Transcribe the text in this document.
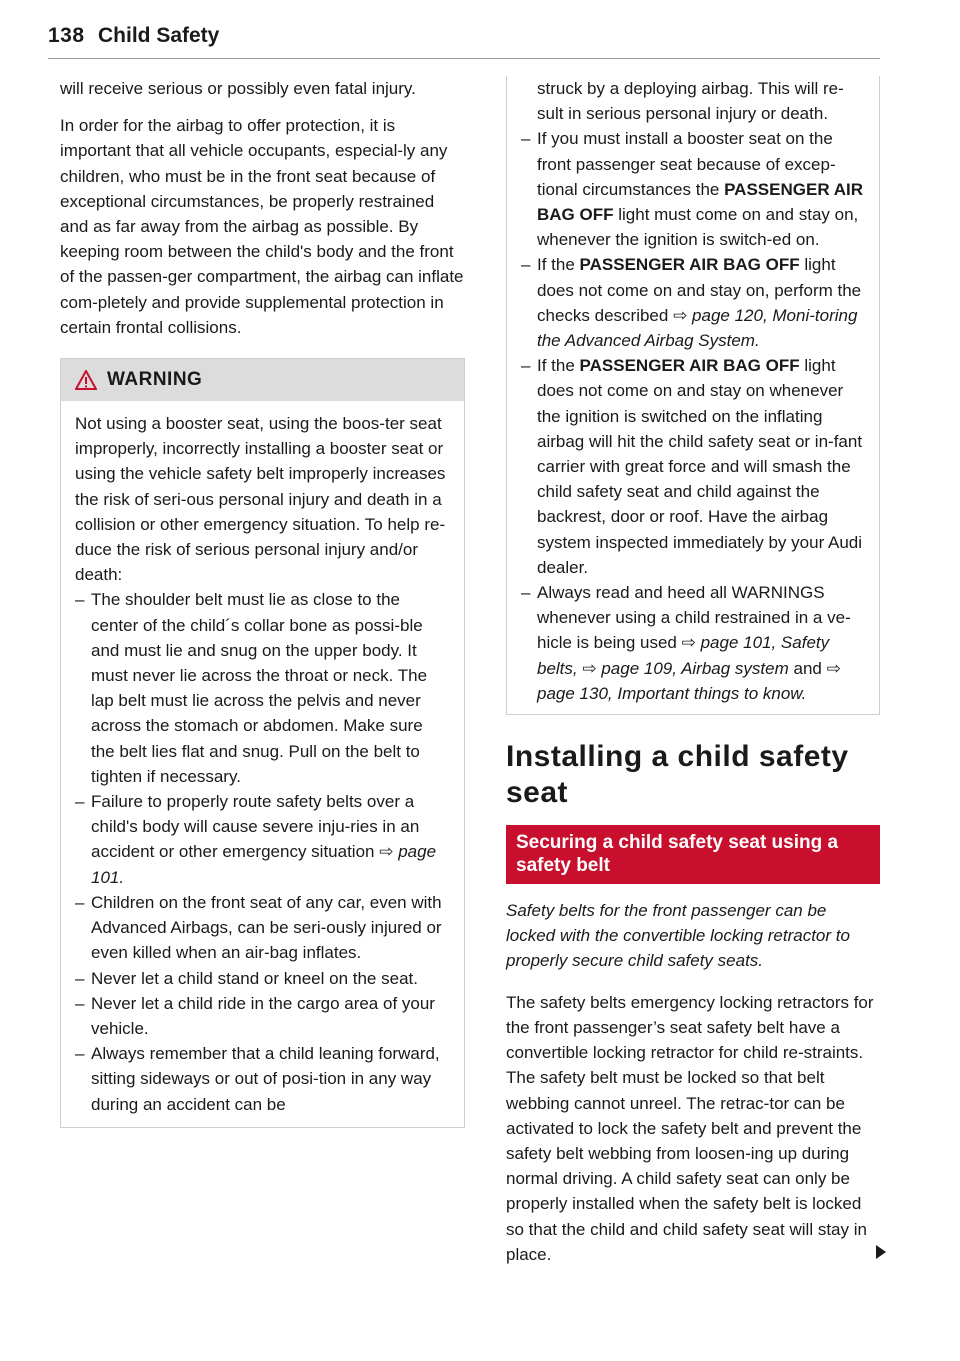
138 Child Safety

will receive serious or possibly even fatal injury.

In order for the airbag to offer protection, it is important that all vehicle occupants, especial-ly any children, who must be in the front seat because of exceptional circumstances, be properly restrained and as far away from the airbag as possible. By keeping room between the child's body and the front of the passen-ger compartment, the airbag can inflate com-pletely and provide supplemental protection in certain frontal collisions.

WARNING

Not using a booster seat, using the boos-ter seat improperly, incorrectly installing a booster seat or using the vehicle safety belt improperly increases the risk of seri-ous personal injury and death in a collision or other emergency situation. To help re-duce the risk of serious personal injury and/or death:

– The shoulder belt must lie as close to the center of the child´s collar bone as possi-ble and must lie and snug on the upper body. It must never lie across the throat or neck. The lap belt must lie across the pelvis and never across the stomach or abdomen. Make sure the belt lies flat and snug. Pull on the belt to tighten if necessary.
– Failure to properly route safety belts over a child's body will cause severe inju-ries in an accident or other emergency situation ⇨ page 101.
– Children on the front seat of any car, even with Advanced Airbags, can be seri-ously injured or even killed when an air-bag inflates.
– Never let a child stand or kneel on the seat.
– Never let a child ride in the cargo area of your vehicle.
– Always remember that a child leaning forward, sitting sideways or out of posi-tion in any way during an accident can be

struck by a deploying airbag. This will re-sult in serious personal injury or death.

– If you must install a booster seat on the front passenger seat because of excep-tional circumstances the PASSENGER AIR BAG OFF light must come on and stay on, whenever the ignition is switch-ed on.
– If the PASSENGER AIR BAG OFF light does not come on and stay on, perform the checks described ⇨ page 120, Moni-toring the Advanced Airbag System.
– If the PASSENGER AIR BAG OFF light does not come on and stay on whenever the ignition is switched on the inflating airbag will hit the child safety seat or in-fant carrier with great force and will smash the child safety seat and child against the backrest, door or roof. Have the airbag system inspected immediately by your Audi dealer.
– Always read and heed all WARNINGS whenever using a child restrained in a ve-hicle is being used ⇨ page 101, Safety belts, ⇨ page 109, Airbag system and ⇨ page 130, Important things to know.
Installing a child safety seat
Securing a child safety seat using a safety belt

Safety belts for the front passenger can be locked with the convertible locking retractor to properly secure child safety seats.

The safety belts emergency locking retractors for the front passenger’s seat safety belt have a convertible locking retractor for child re-straints. The safety belt must be locked so that belt webbing cannot unreel. The retrac-tor can be activated to lock the safety belt and prevent the safety belt webbing from loosen-ing up during normal driving. A child safety seat can only be properly installed when the safety belt is locked so that the child and child safety seat will stay in place.
